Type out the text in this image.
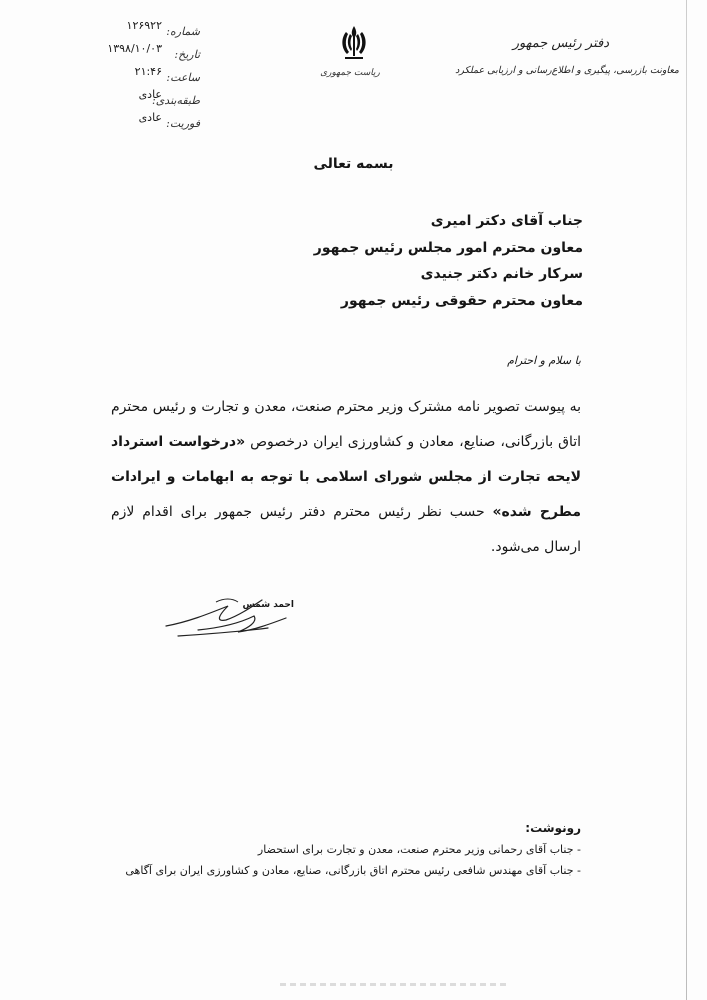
ریاست جمهوری
دفتر رئیس جمهور
معاونت بازرسی، پیگیری و اطلاع‌رسانی و ارزیابی عملکرد
شماره:
تاریخ:
ساعت:
طبقه‌بندی:
فوریت:
۱۲۶۹۲۲
۱۳۹۸/۱۰/۰۳
۲۱:۴۶
عادی
عادی
بسمه تعالی
جناب آقای دکتر امیری
معاون محترم امور مجلس رئیس جمهور
سرکار خانم دکتر جنیدی
معاون محترم حقوقی رئیس جمهور
با سلام و احترام
به پیوست تصویر نامه مشترک وزیر محترم صنعت، معدن و تجارت و رئیس محترم اتاق بازرگانی، صنایع، معادن و کشاورزی ایران درخصوص «درخواست استرداد لایحه تجارت از مجلس شورای اسلامی با توجه به ابهامات و ایرادات مطرح شده» حسب نظر رئیس محترم دفتر رئیس جمهور برای اقدام لازم ارسال می‌شود.
احمد شمس
رونوشت:
- جناب آقای رحمانی وزیر محترم صنعت، معدن و تجارت برای استحضار
- جناب آقای مهندس شافعی رئیس محترم اتاق بازرگانی، صنایع، معادن و کشاورزی ایران برای آگاهی
